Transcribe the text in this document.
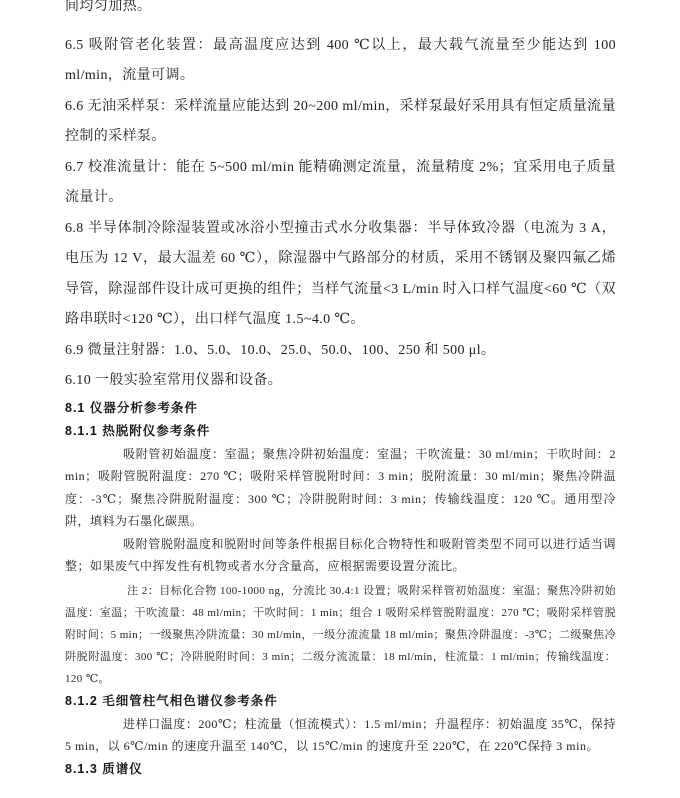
间均匀加热。

6.5 吸附管老化装置：最高温度应达到 400 ℃以上，最大载气流量至少能达到 100 ml/min，流量可调。

6.6 无油采样泵：采样流量应能达到 20~200 ml/min，采样泵最好采用具有恒定质量流量控制的采样泵。

6.7 校准流量计：能在 5~500 ml/min 能精确测定流量，流量精度 2%；宜采用电子质量流量计。

6.8 半导体制冷除湿装置或冰浴小型撞击式水分收集器：半导体致冷器（电流为 3 A，电压为 12 V，最大温差 60 ℃），除湿器中气路部分的材质，采用不锈钢及聚四氟乙烯导管，除湿部件设计成可更换的组件；当样气流量<3 L/min 时入口样气温度<60 ℃（双路串联时<120 ℃），出口样气温度 1.5~4.0 ℃。

6.9 微量注射器：1.0、5.0、10.0、25.0、50.0、100、250 和 500 μl。

6.10 一般实验室常用仪器和设备。

8.1 仪器分析参考条件

8.1.1 热脱附仪参考条件

吸附管初始温度：室温；聚焦冷阱初始温度：室温；干吹流量：30 ml/min；干吹时间：2 min；吸附管脱附温度：270 ℃；吸附采样管脱附时间：3 min；脱附流量：30 ml/min；聚焦冷阱温度：-3℃；聚焦冷阱脱附温度：300 ℃；冷阱脱附时间：3 min；传输线温度：120 ℃。通用型冷阱，填料为石墨化碳黑。

吸附管脱附温度和脱附时间等条件根据目标化合物特性和吸附管类型不同可以进行适当调整；如果废气中挥发性有机物或者水分含量高，应根据需要设置分流比。

注 2：目标化合物 100-1000 ng，分流比 30.4:1 设置；吸附采样管初始温度：室温；聚焦冷阱初始温度：室温；干吹流量：48 ml/min；干吹时间：1 min；组合 1 吸附采样管脱附温度：270 ℃；吸附采样管脱附时间：5 min；一级聚焦冷阱流量：30 ml/min，一级分流流量 18 ml/min；聚焦冷阱温度：-3℃；二级聚焦冷阱脱附温度：300 ℃；冷阱脱附时间：3 min；二级分流流量：18 ml/min，柱流量：1 ml/min；传输线温度：120 ℃。

8.1.2 毛细管柱气相色谱仪参考条件

进样口温度：200℃；柱流量（恒流模式）：1.5 ml/min；升温程序：初始温度 35℃，保持 5 min，以 6℃/min 的速度升温至 140℃，以 15℃/min 的速度升至 220℃，在 220℃保持 3 min。

8.1.3 质谱仪
